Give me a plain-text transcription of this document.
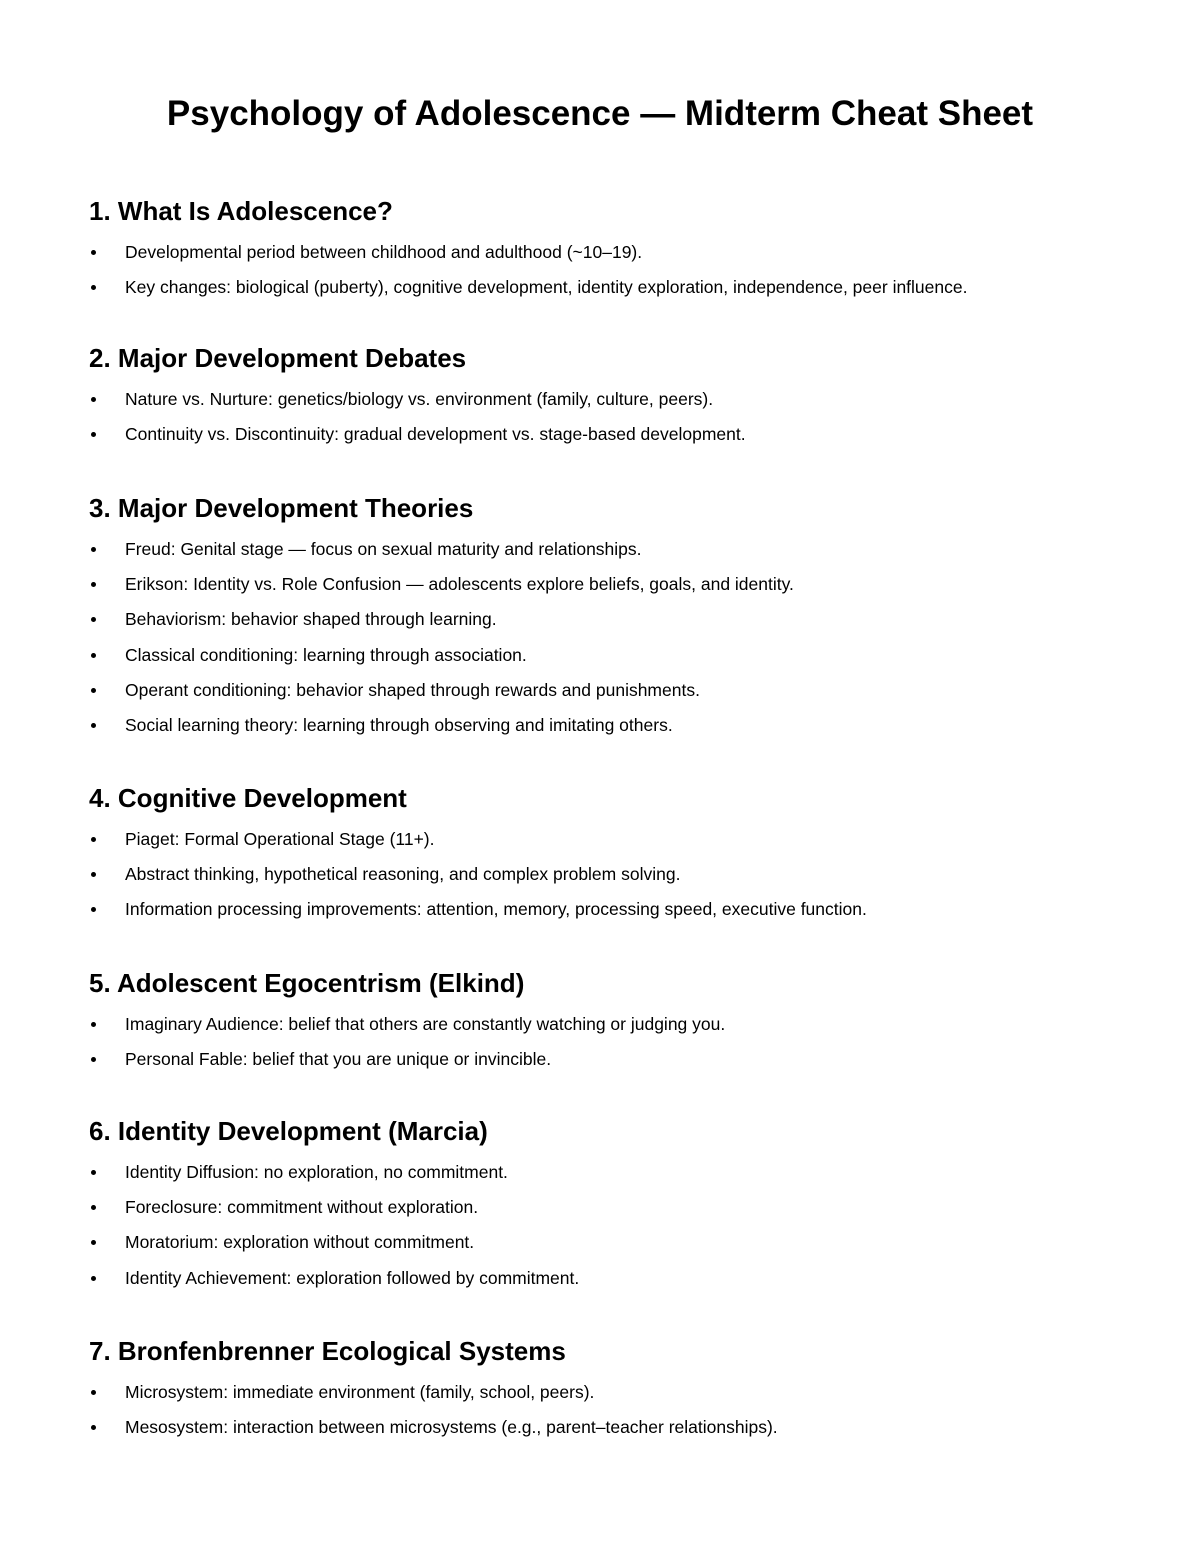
Psychology of Adolescence — Midterm Cheat Sheet
1. What Is Adolescence?
Developmental period between childhood and adulthood (~10–19).
Key changes: biological (puberty), cognitive development, identity exploration, independence, peer influence.
2. Major Development Debates
Nature vs. Nurture: genetics/biology vs. environment (family, culture, peers).
Continuity vs. Discontinuity: gradual development vs. stage-based development.
3. Major Development Theories
Freud: Genital stage — focus on sexual maturity and relationships.
Erikson: Identity vs. Role Confusion — adolescents explore beliefs, goals, and identity.
Behaviorism: behavior shaped through learning.
Classical conditioning: learning through association.
Operant conditioning: behavior shaped through rewards and punishments.
Social learning theory: learning through observing and imitating others.
4. Cognitive Development
Piaget: Formal Operational Stage (11+).
Abstract thinking, hypothetical reasoning, and complex problem solving.
Information processing improvements: attention, memory, processing speed, executive function.
5. Adolescent Egocentrism (Elkind)
Imaginary Audience: belief that others are constantly watching or judging you.
Personal Fable: belief that you are unique or invincible.
6. Identity Development (Marcia)
Identity Diffusion: no exploration, no commitment.
Foreclosure: commitment without exploration.
Moratorium: exploration without commitment.
Identity Achievement: exploration followed by commitment.
7. Bronfenbrenner Ecological Systems
Microsystem: immediate environment (family, school, peers).
Mesosystem: interaction between microsystems (e.g., parent–teacher relationships).
